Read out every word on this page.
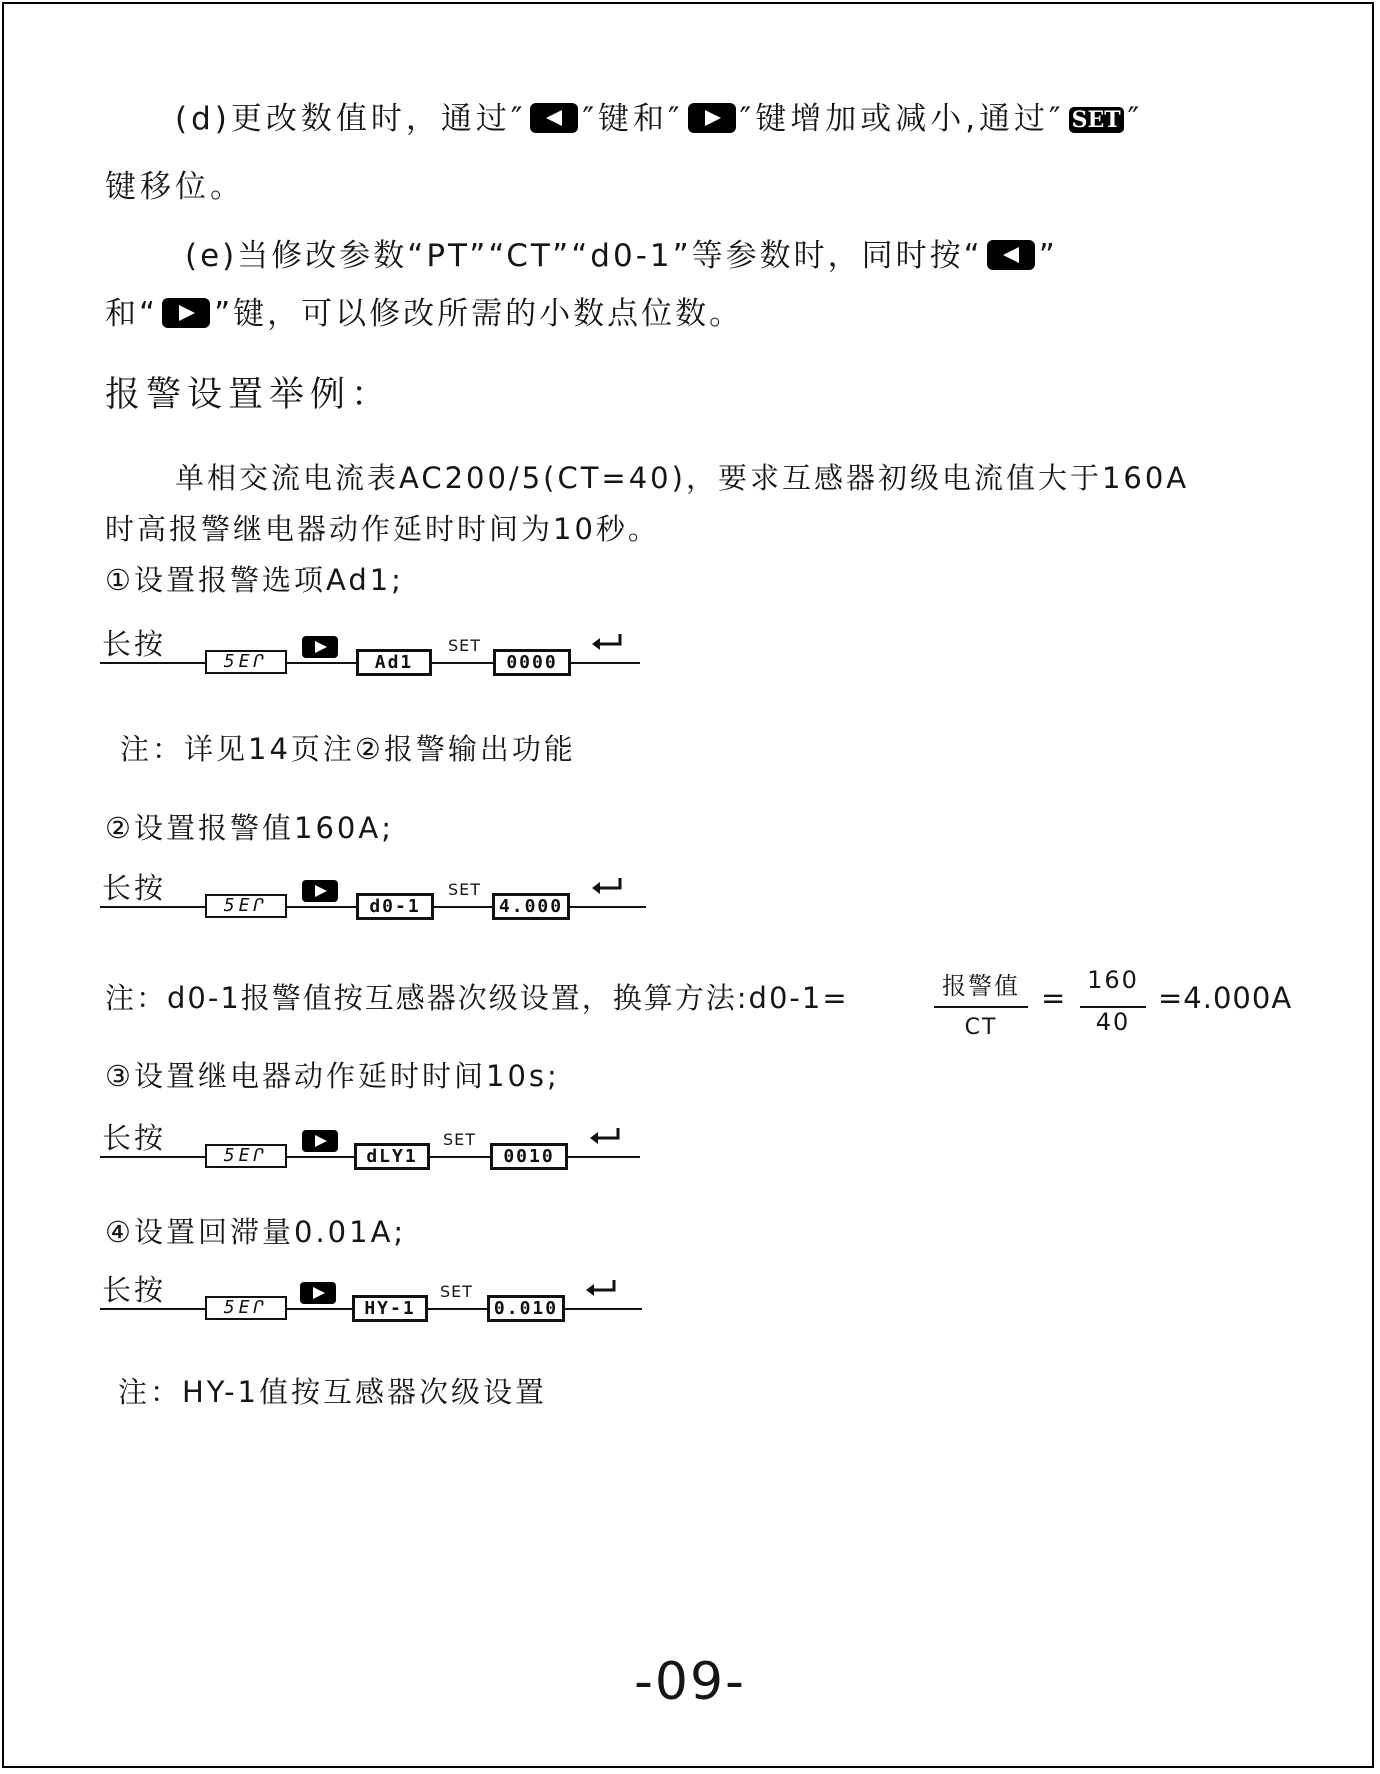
(d)更改数值时，通过″ ″键和″ ″键增加或减小,通过″ SET ″
键移位。
(e)当修改参数“PT”“CT”“d0-1”等参数时，同时按“ ”
和“ ”键，可以修改所需的小数点位数。
报警设置举例：
单相交流电流表AC200/5(CT=40)，要求互感器初级电流值大于160A
时高报警继电器动作延时时间为10秒。
①设置报警选项Ad1;
长按
5EՐ	Ad1
SET
0000
注：详见14页注②报警输出功能
②设置报警值160A;
长按
5EՐ	d0-1
SET
4.000
注：d0-1报警值按互感器次级设置，换算方法:d0-1=	报警值
CT
=
160
40
=4.000A
③设置继电器动作延时时间10s;
长按
5EՐ	dLY1
SET
0010
④设置回滞量0.01A;
长按
5EՐ	HY-1
SET
0.010
注：HY-1值按互感器次级设置
-09-
